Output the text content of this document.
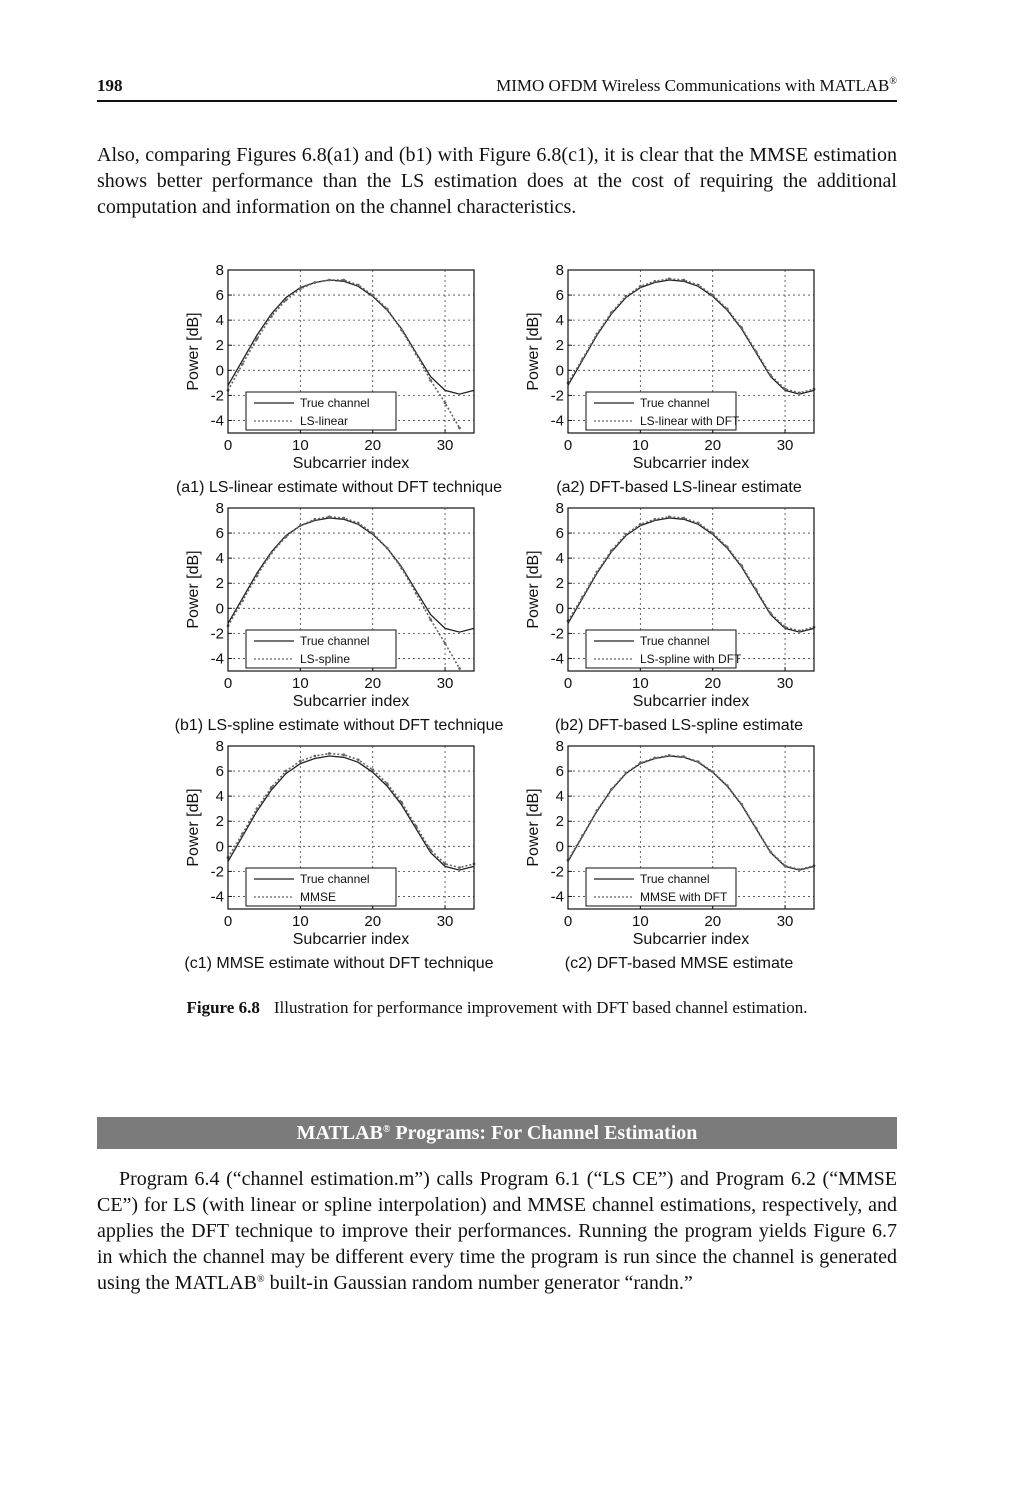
198	MIMO OFDM Wireless Communications with MATLAB®

Also, comparing Figures 6.8(a1) and (b1) with Figure 6.8(c1), it is clear that the MMSE estimation shows better performance than the LS estimation does at the cost of requiring the additional computation and information on the channel characteristics.

0	10	20	30
-4
-2
0
2
4
6
8
Subcarrier index
Power [dB]
(a1) LS-linear estimate without DFT technique
True channel
LS-linear
0	10	20	30
-4
-2
0
2
4
6
8
Subcarrier index
Power [dB]
(a2) DFT-based LS-linear estimate
True channel
LS-linear with DFT
0	10	20	30
-4
-2
0
2
4
6
8
Subcarrier index
Power [dB]
(b1) LS-spline estimate without DFT technique
True channel
LS-spline
0	10	20	30
-4
-2
0
2
4
6
8
Subcarrier index
Power [dB]
(b2) DFT-based LS-spline estimate
True channel
LS-spline with DFT
0	10	20	30
-4
-2
0
2
4
6
8
Subcarrier index
Power [dB]
(c1) MMSE estimate without DFT technique
True channel
MMSE
0	10	20	30
-4
-2
0
2
4
6
8
Subcarrier index
Power [dB]
(c2) DFT-based MMSE estimate
True channel
MMSE with DFT
Figure 6.8 Illustration for performance improvement with DFT based channel estimation.
MATLAB® Programs: For Channel Estimation

Program 6.4 (“channel estimation.m”) calls Program 6.1 (“LS CE”) and Program 6.2 (“MMSE CE”) for LS (with linear or spline interpolation) and MMSE channel estimations, respectively, and applies the DFT technique to improve their performances. Running the program yields Figure 6.7 in which the channel may be different every time the program is run since the channel is generated using the MATLAB® built-in Gaussian random number generator “randn.”
